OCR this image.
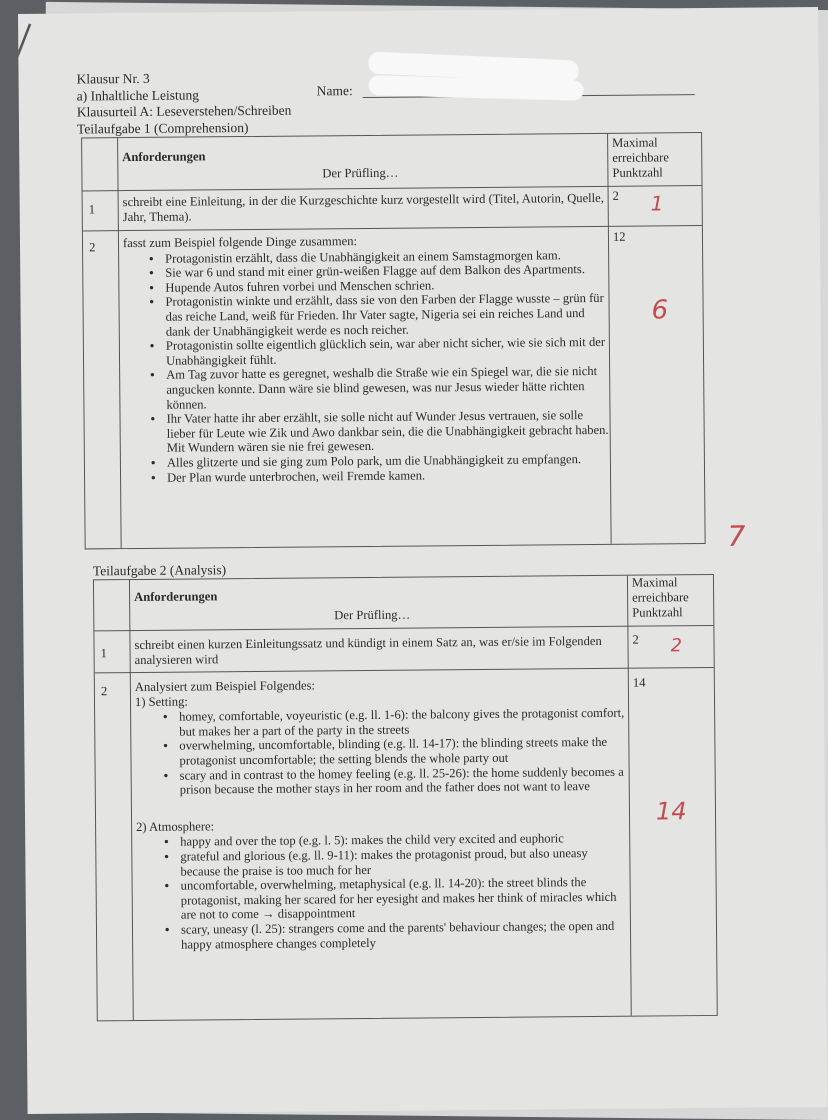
Klausur Nr. 3
a) Inhaltliche Leistung	Name:
Klausurteil A: Leseverstehen/Schreiben
Teilaufgabe 1 (Comprehension)
Anforderungen
Der Prüfling…
Maximal
erreichbare
Punktzahl
1
schreibt eine Einleitung, in der die Kurzgeschichte kurz vorgestellt wird (Titel, Autorin, Quelle, Jahr, Thema).
2 1
2 fasst zum Beispiel folgende Dinge zusammen:
• Protagonistin erzählt, dass die Unabhängigkeit an einem Samstagmorgen kam.
• Sie war 6 und stand mit einer grün-weißen Flagge auf dem Balkon des Apartments.
• Hupende Autos fuhren vorbei und Menschen schrien.
• Protagonistin winkte und erzählt, dass sie von den Farben der Flagge wusste – grün für das reiche Land, weiß für Frieden. Ihr Vater sagte, Nigeria sei ein reiches Land und dank der Unabhängigkeit werde es noch reicher.
• Protagonistin sollte eigentlich glücklich sein, war aber nicht sicher, wie sie sich mit der Unabhängigkeit fühlt.
• Am Tag zuvor hatte es geregnet, weshalb die Straße wie ein Spiegel war, die sie nicht angucken konnte. Dann wäre sie blind gewesen, was nur Jesus wieder hätte richten können.
• Ihr Vater hatte ihr aber erzählt, sie solle nicht auf Wunder Jesus vertrauen, sie solle lieber für Leute wie Zik und Awo dankbar sein, die die Unabhängigkeit gebracht haben. Mit Wundern wären sie nie frei gewesen.
• Alles glitzerte und sie ging zum Polo park, um die Unabhängigkeit zu empfangen.
• Der Plan wurde unterbrochen, weil Fremde kamen.
12
6
7
Teilaufgabe 2 (Analysis)
Anforderungen
Der Prüfling…
Maximal
erreichbare
Punktzahl
1
schreibt einen kurzen Einleitungssatz und kündigt in einem Satz an, was er/sie im Folgenden analysieren wird
2 2
2 Analysiert zum Beispiel Folgendes:
1) Setting:
• homey, comfortable, voyeuristic (e.g. ll. 1-6): the balcony gives the protagonist comfort, but makes her a part of the party in the streets
• overwhelming, uncomfortable, blinding (e.g. ll. 14-17): the blinding streets make the protagonist uncomfortable; the setting blends the whole party out
• scary and in contrast to the homey feeling (e.g. ll. 25-26): the home suddenly becomes a prison because the mother stays in her room and the father does not want to leave
2) Atmosphere:
• happy and over the top (e.g. l. 5): makes the child very excited and euphoric
• grateful and glorious (e.g. ll. 9-11): makes the protagonist proud, but also uneasy because the praise is too much for her
• uncomfortable, overwhelming, metaphysical (e.g. ll. 14-20): the street blinds the protagonist, making her scared for her eyesight and makes her think of miracles which are not to come → disappointment
• scary, uneasy (l. 25): strangers come and the parents' behaviour changes; the open and happy atmosphere changes completely
14
14
